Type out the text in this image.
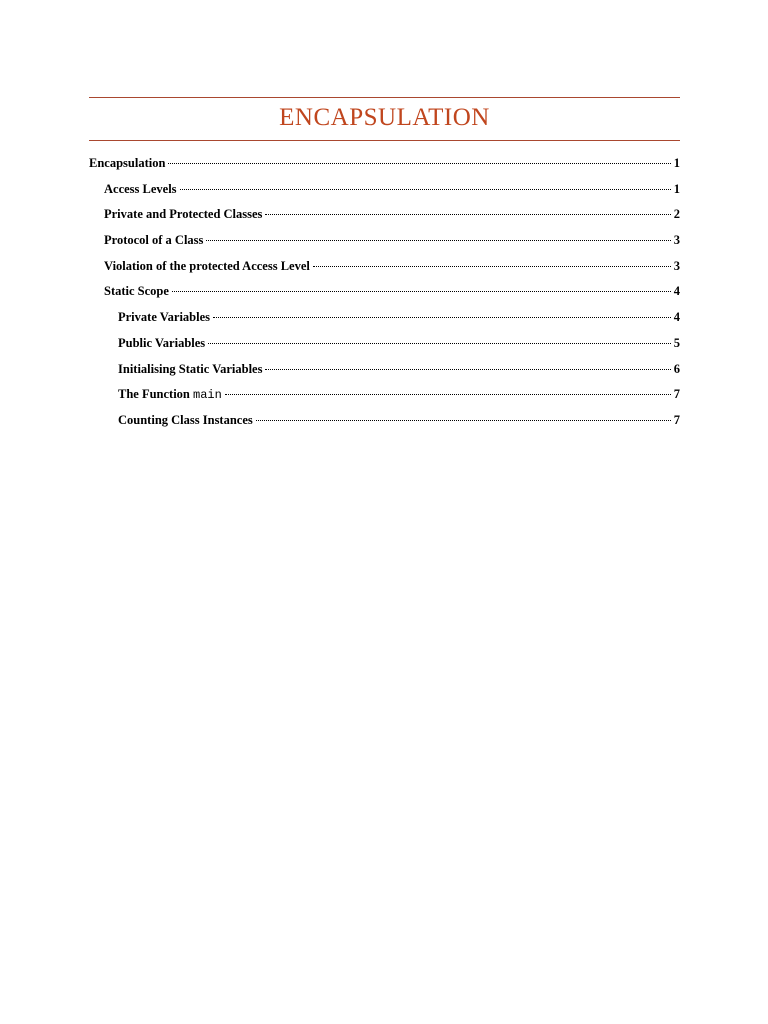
ENCAPSULATION
Encapsulation	1
Access Levels	1
Private and Protected Classes	2
Protocol of a Class	3
Violation of the protected Access Level	3
Static Scope	4
Private Variables	4
Public Variables	5
Initialising Static Variables	6
The Function main	7
Counting Class Instances	7
